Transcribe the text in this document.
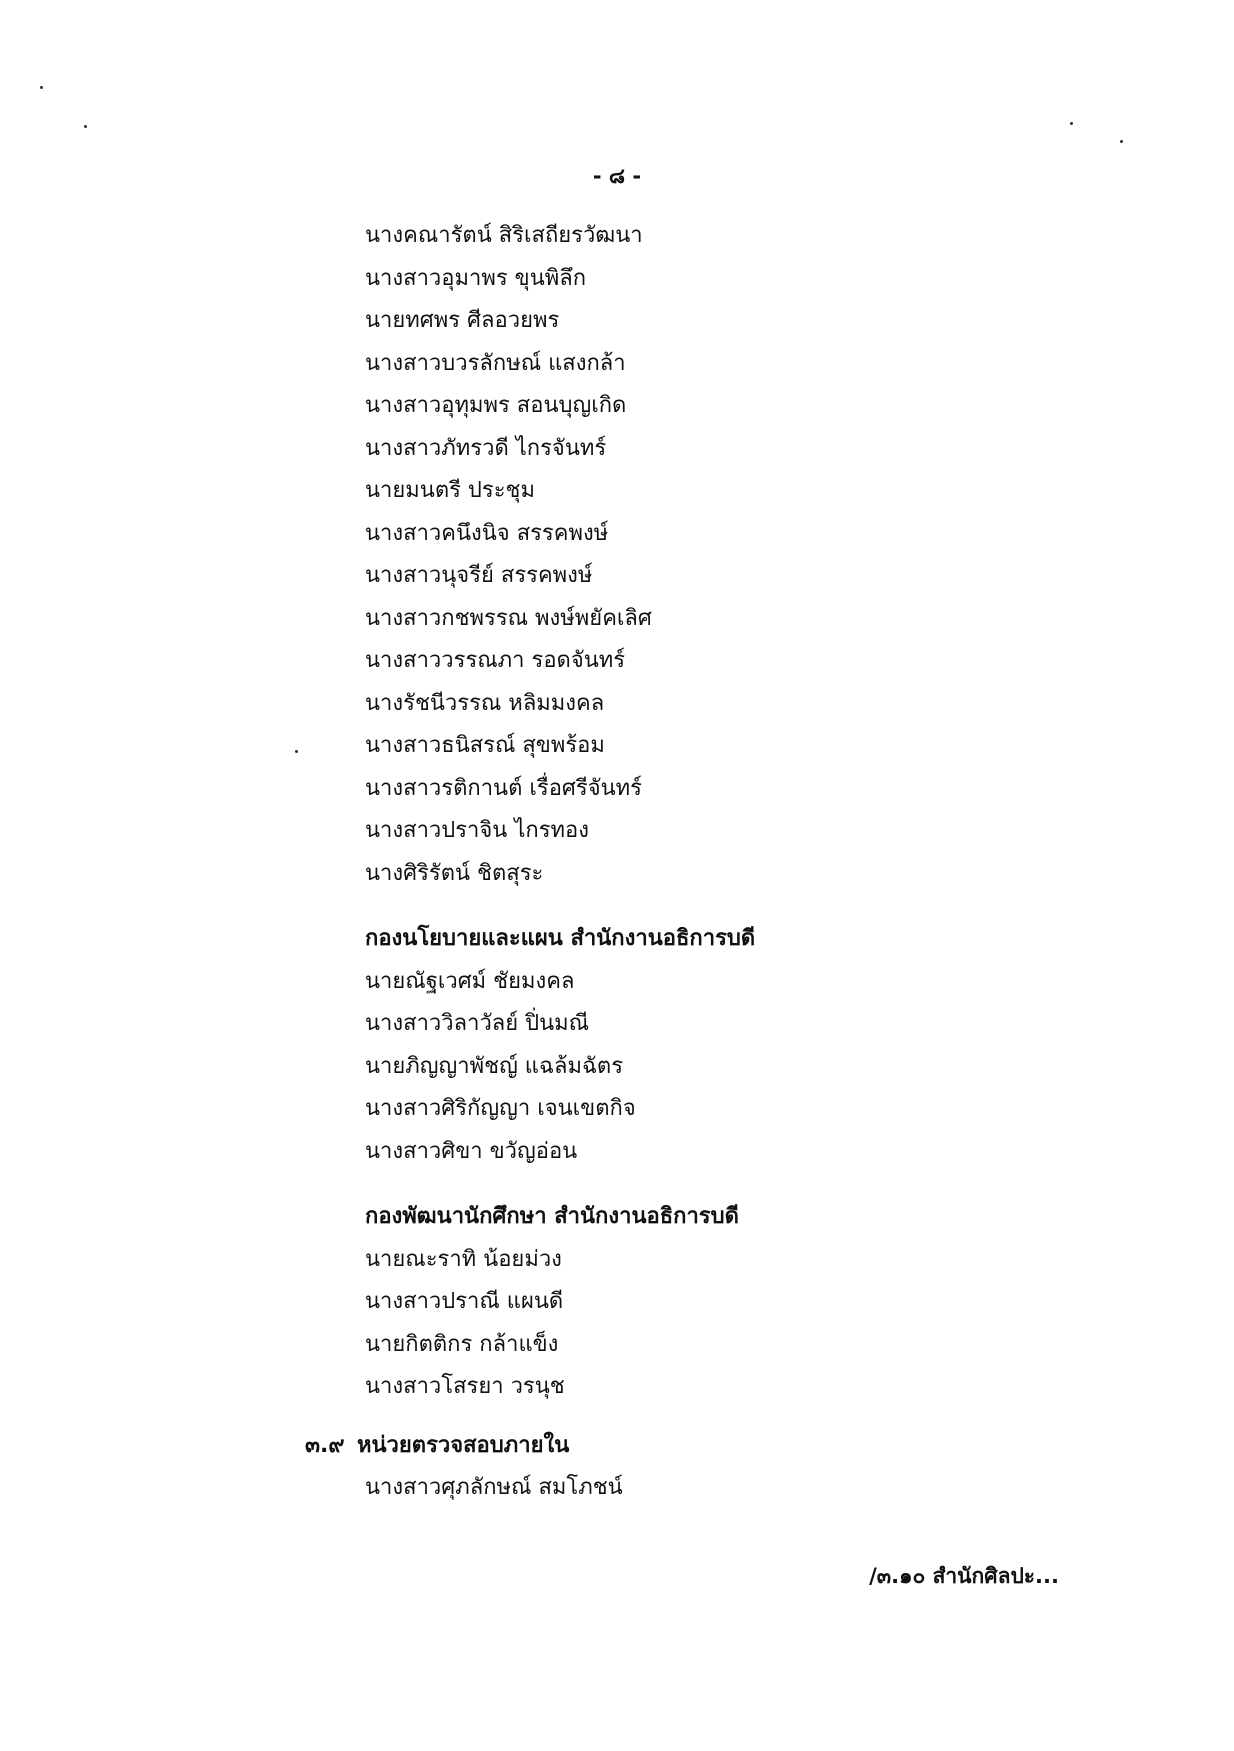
- ๘ -
นางคณารัตน์ สิริเสถียรวัฒนา
นางสาวอุมาพร ขุนพิลึก
นายทศพร ศีลอวยพร
นางสาวบวรลักษณ์ แสงกล้า
นางสาวอุทุมพร สอนบุญเกิด
นางสาวภัทรวดี ไกรจันทร์
นายมนตรี ประชุม
นางสาวคนึงนิจ สรรคพงษ์
นางสาวนุจรีย์ สรรคพงษ์
นางสาวกชพรรณ พงษ์พยัคเลิศ
นางสาววรรณภา รอดจันทร์
นางรัชนีวรรณ หลิมมงคล
นางสาวธนิสรณ์ สุขพร้อม
นางสาวรติกานต์ เรื่อศรีจันทร์
นางสาวปราจิน ไกรทอง
นางศิริรัตน์ ชิตสุระ
กองนโยบายและแผน สำนักงานอธิการบดี
นายณัฐเวศม์ ชัยมงคล
นางสาววิลาวัลย์ ปิ่นมณี
นายภิญญาพัชญ์ แฉล้มฉัตร
นางสาวศิริกัญญา เจนเขตกิจ
นางสาวศิขา ขวัญอ่อน
กองพัฒนานักศึกษา สำนักงานอธิการบดี
นายณะราทิ น้อยม่วง
นางสาวปราณี แผนดี
นายกิตติกร กล้าแข็ง
นางสาวโสรยา วรนุช
๓.๙ หน่วยตรวจสอบภายใน
นางสาวศุภลักษณ์ สมโภชน์
/๓.๑๐ สำนักศิลปะ...
